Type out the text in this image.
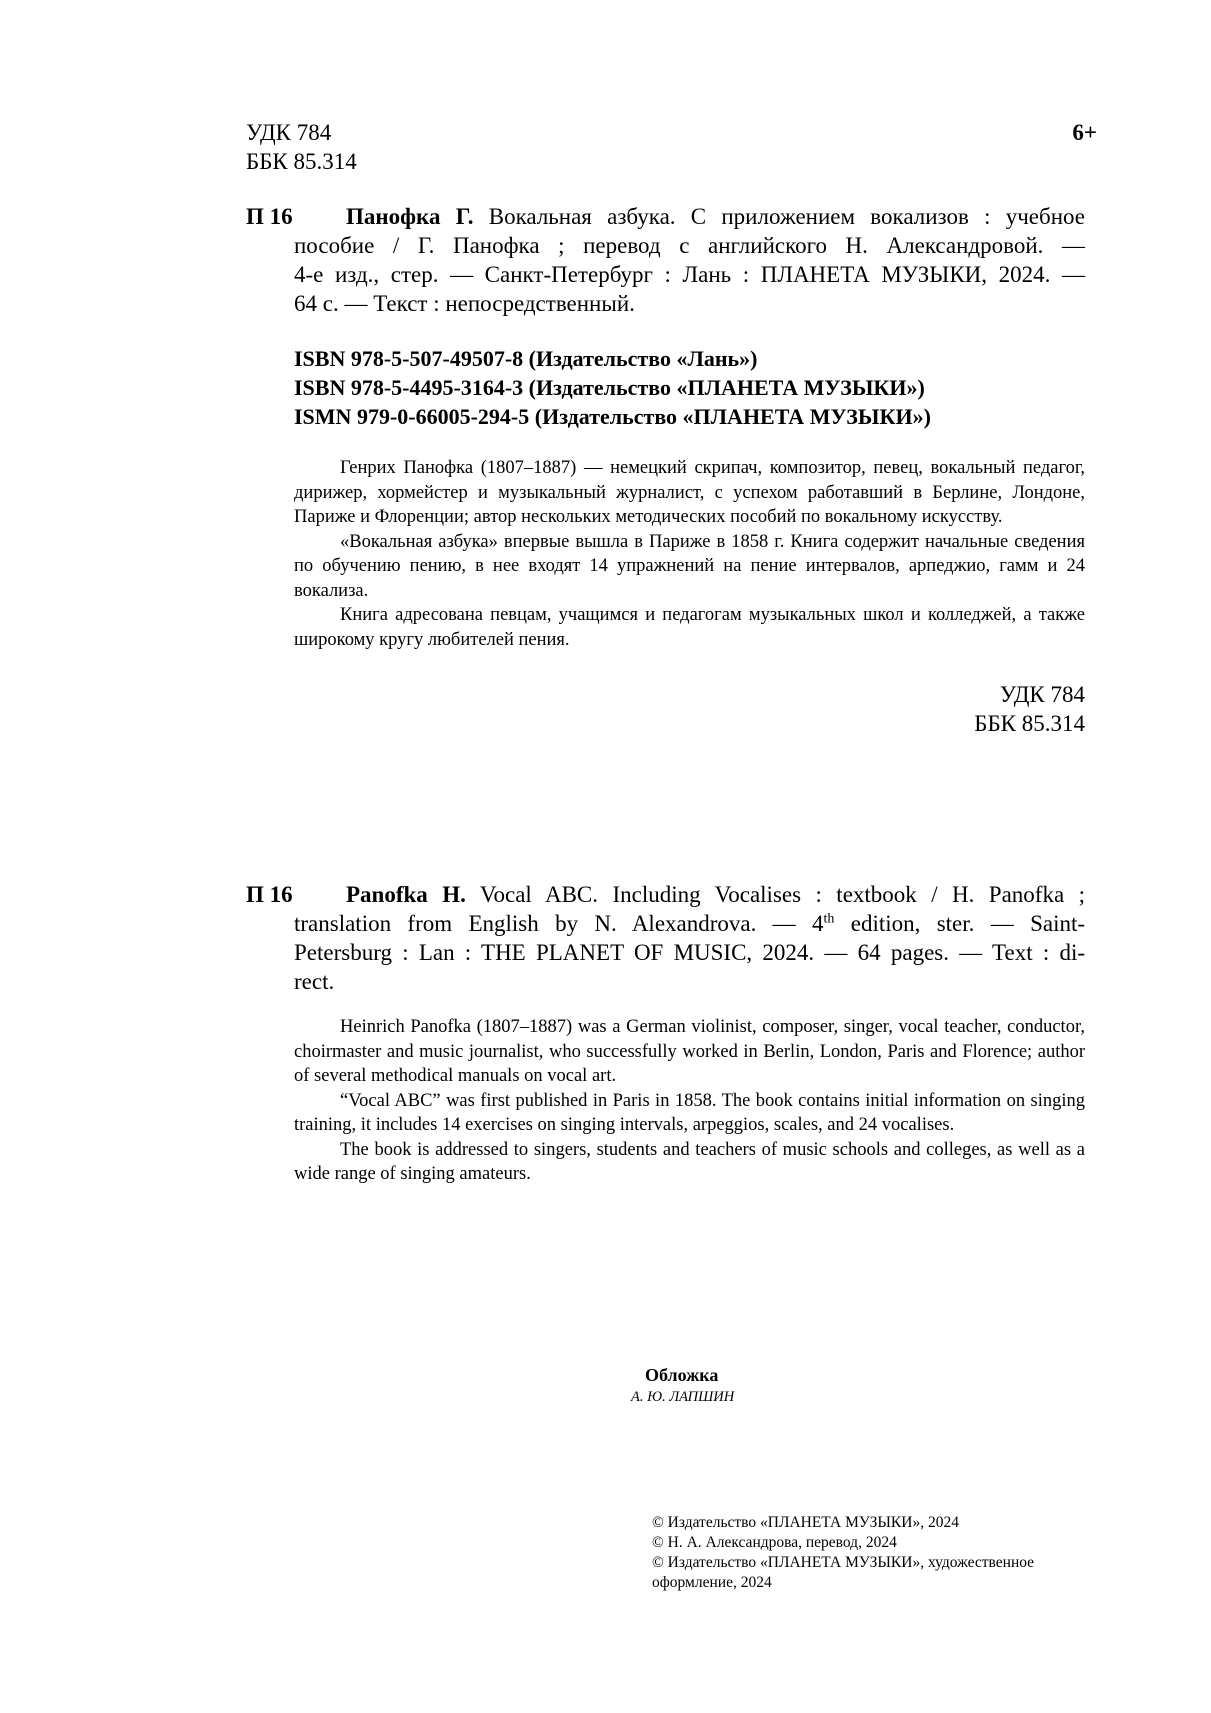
УДК 784
ББК 85.314
6+
П 16 Панофка Г. Вокальная азбука. С приложением вокализов : учебное
пособие / Г. Панофка ; перевод с английского Н. Александровой. —
4-е изд., стер. — Санкт-Петербург : Лань : ПЛАНЕТА МУЗЫКИ, 2024. —
64 с. — Текст : непосредственный.
ISBN 978-5-507-49507-8 (Издательство «Лань»)
ISBN 978-5-4495-3164-3 (Издательство «ПЛАНЕТА МУЗЫКИ»)
ISMN 979-0-66005-294-5 (Издательство «ПЛАНЕТА МУЗЫКИ»)

Генрих Панофка (1807–1887) — немецкий скрипач, композитор, певец, вокальный педагог, дирижер, хормейстер и музыкальный журналист, с успехом работавший в Берлине, Лондоне, Париже и Флоренции; автор нескольких методических пособий по вокальному искусству.

«Вокальная азбука» впервые вышла в Париже в 1858 г. Книга содержит начальные сведения по обучению пению, в нее входят 14 упражнений на пение интервалов, арпеджио, гамм и 24 вокализа.

Книга адресована певцам, учащимся и педагогам музыкальных школ и колледжей, а также широкому кругу любителей пения.

УДК 784
ББК 85.314
П 16 Panofka H. Vocal ABC. Including Vocalises : textbook / H. Panofka ;
translation from English by N. Alexandrova. — 4th edition, ster. — Saint-
Petersburg : Lan : THE PLANET OF MUSIC, 2024. — 64 pages. — Text : di-
rect.

Heinrich Panofka (1807–1887) was a German violinist, composer, singer, vocal teacher, conductor, choirmaster and music journalist, who successfully worked in Berlin, London, Paris and Florence; author of several methodical manuals on vocal art.

“Vocal ABC” was first published in Paris in 1858. The book contains initial information on singing training, it includes 14 exercises on singing intervals, arpeggios, scales, and 24 vocalises.

The book is addressed to singers, students and teachers of music schools and colleges, as well as a wide range of singing amateurs.

Обложка
А. Ю. ЛАПШИН
© Издательство «ПЛАНЕТА МУЗЫКИ», 2024
© Н. А. Александрова, перевод, 2024
© Издательство «ПЛАНЕТА МУЗЫКИ», художественное
оформление, 2024
